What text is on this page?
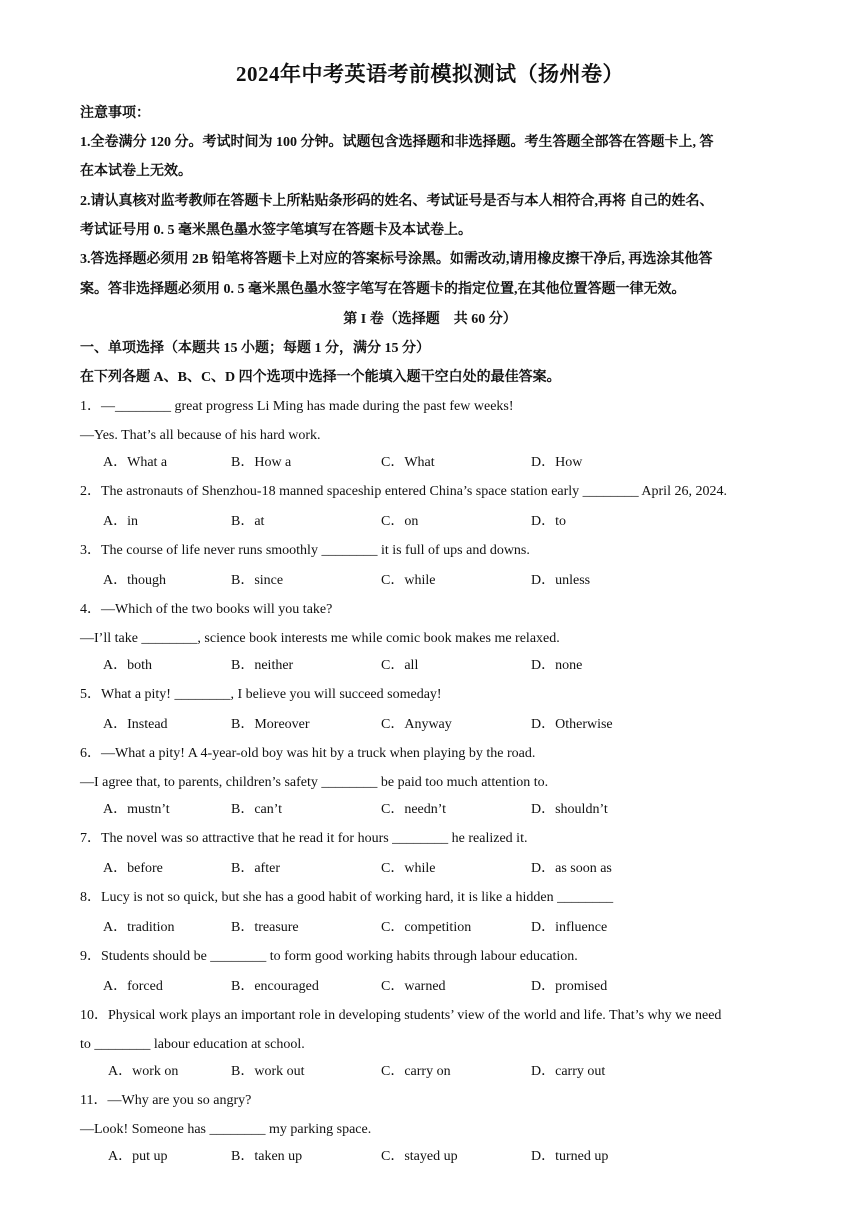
2024年中考英语考前模拟测试（扬州卷）
注意事项：
1.全卷满分 120 分。考试时间为 100 分钟。试题包含选择题和非选择题。考生答题全部答在答题卡上, 答
在本试卷上无效。
2.请认真核对监考教师在答题卡上所粘贴条形码的姓名、考试证号是否与本人相符合,再将 自己的姓名、
考试证号用 0. 5 毫米黑色墨水签字笔填写在答题卡及本试卷上。
3.答选择题必须用 2B 铅笔将答题卡上对应的答案标号涂黑。如需改动,请用橡皮擦干净后, 再选涂其他答
案。答非选择题必须用 0. 5 毫米黑色墨水签字笔写在答题卡的指定位置,在其他位置答题一律无效。
第 I 卷（选择题　共 60 分）
一、单项选择（本题共 15 小题；每题 1 分，满分 15 分）
在下列各题 A、B、C、D 四个选项中选择一个能填入题干空白处的最佳答案。
1．—________ great progress Li Ming has made during the past few weeks!
—Yes. That’s all because of his hard work.
A．What a	B．How a	C．What	D．How
2．The astronauts of Shenzhou-18 manned spaceship entered China’s space station early ________ April 26, 2024.
A．in	B．at	C．on	D．to
3．The course of life never runs smoothly ________ it is full of ups and downs.
A．though	B．since	C．while	D．unless
4．—Which of the two books will you take?
—I’ll take ________, science book interests me while comic book makes me relaxed.
A．both	B．neither	C．all	D．none
5．What a pity! ________, I believe you will succeed someday!
A．Instead	B．Moreover	C．Anyway	D．Otherwise
6．—What a pity! A 4-year-old boy was hit by a truck when playing by the road.
—I agree that, to parents, children’s safety ________ be paid too much attention to.
A．mustn’t	B．can’t	C．needn’t	D．shouldn’t
7．The novel was so attractive that he read it for hours ________ he realized it.
A．before	B．after	C．while	D．as soon as
8．Lucy is not so quick, but she has a good habit of working hard, it is like a hidden ________
A．tradition	B．treasure	C．competition	D．influence
9．Students should be ________ to form good working habits through labour education.
A．forced	B．encouraged	C．warned	D．promised
10．Physical work plays an important role in developing students’ view of the world and life. That’s why we need
to ________ labour education at school.
A．work on	B．work out	C．carry on	D．carry out
11．—Why are you so angry?
—Look! Someone has ________ my parking space.
A．put up	B．taken up	C．stayed up	D．turned up
